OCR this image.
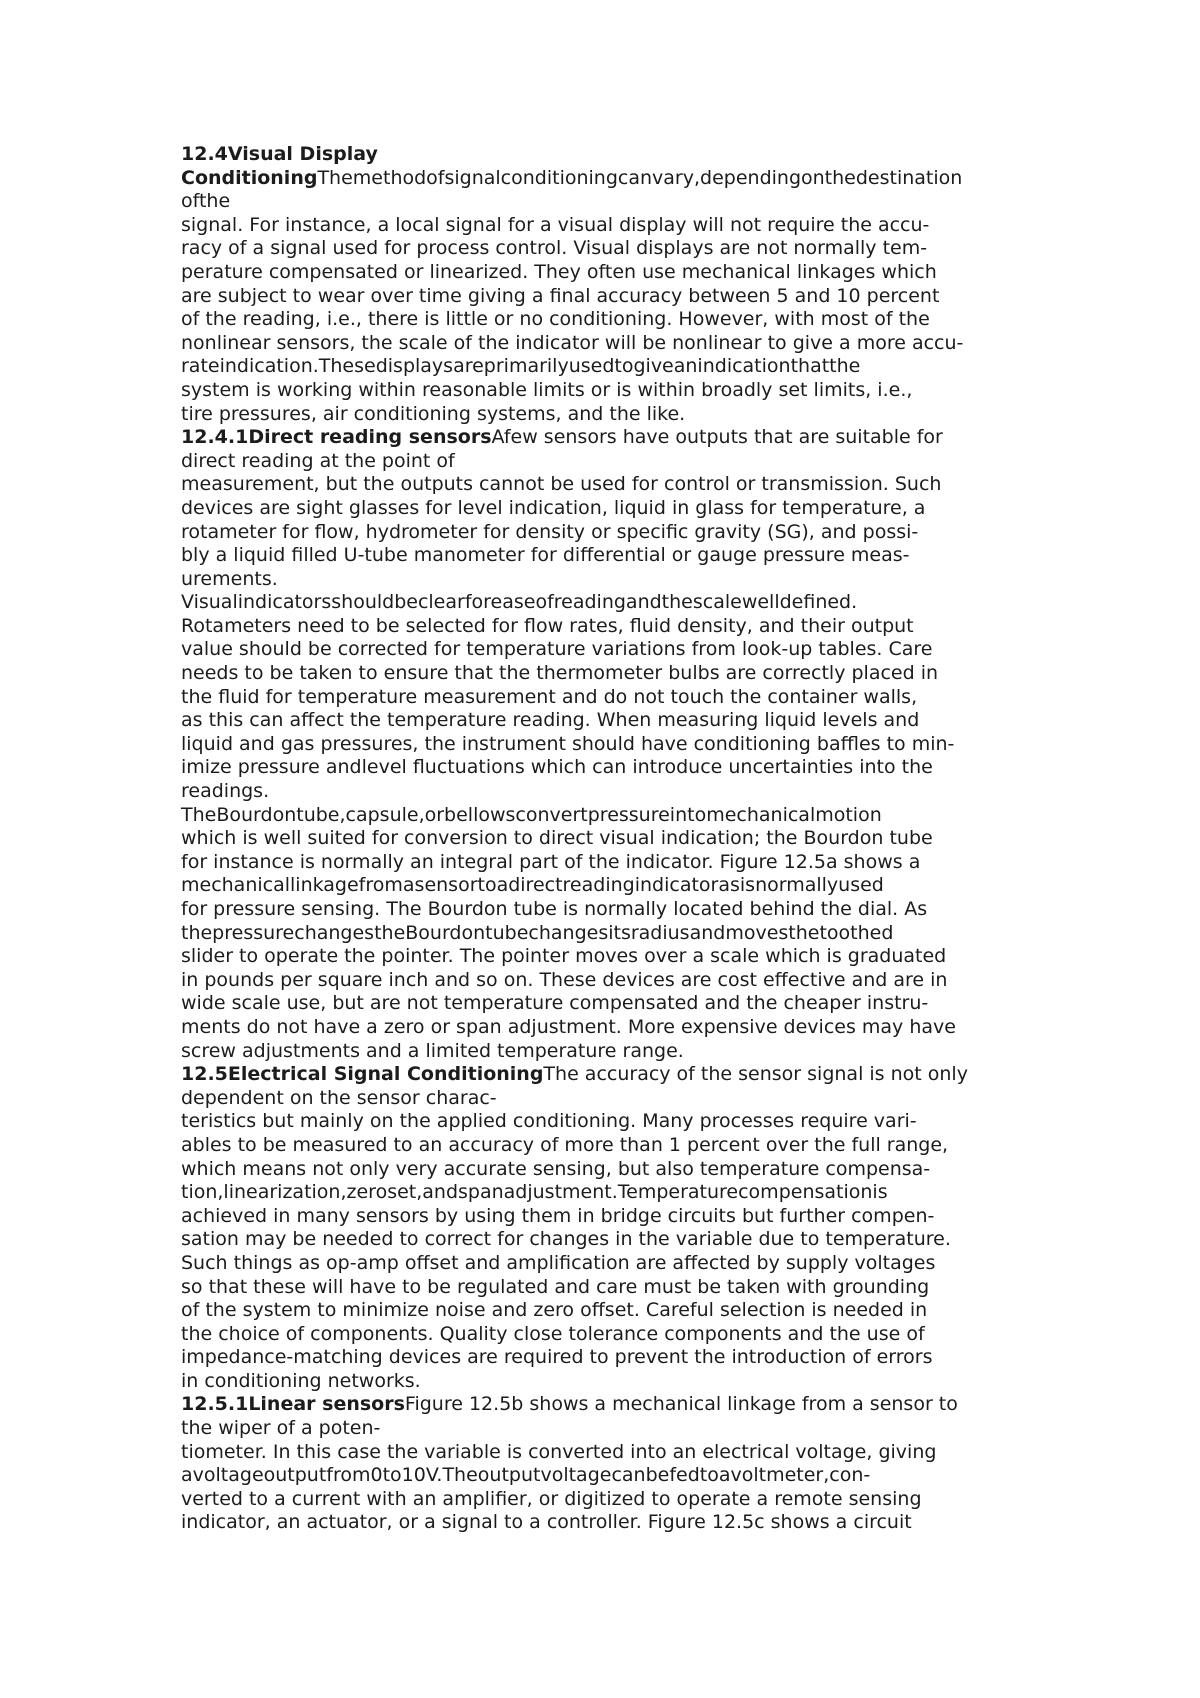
12.4Visual Display
ConditioningThemethodofsignalconditioningcanvary,dependingonthedestination
ofthe
signal. For instance, a local signal for a visual display will not require the accu-
racy of a signal used for process control. Visual displays are not normally tem-
perature compensated or linearized. They often use mechanical linkages which
are subject to wear over time giving a final accuracy between 5 and 10 percent
of the reading, i.e., there is little or no conditioning. However, with most of the
nonlinear sensors, the scale of the indicator will be nonlinear to give a more accu-
rateindication.Thesedisplaysareprimarilyusedtogiveanindicationthatthe
system is working within reasonable limits or is within broadly set limits, i.e.,
tire pressures, air conditioning systems, and the like.
12.4.1Direct reading sensorsAfew sensors have outputs that are suitable for
direct reading at the point of
measurement, but the outputs cannot be used for control or transmission. Such
devices are sight glasses for level indication, liquid in glass for temperature, a
rotameter for flow, hydrometer for density or specific gravity (SG), and possi-
bly a liquid filled U-tube manometer for differential or gauge pressure meas-
urements.
Visualindicatorsshouldbeclearforeaseofreadingandthescalewelldefined.
Rotameters need to be selected for flow rates, fluid density, and their output
value should be corrected for temperature variations from look-up tables. Care
needs to be taken to ensure that the thermometer bulbs are correctly placed in
the fluid for temperature measurement and do not touch the container walls,
as this can affect the temperature reading. When measuring liquid levels and
liquid and gas pressures, the instrument should have conditioning baffles to min-
imize pressure andlevel fluctuations which can introduce uncertainties into the
readings.
TheBourdontube,capsule,orbellowsconvertpressureintomechanicalmotion
which is well suited for conversion to direct visual indication; the Bourdon tube
for instance is normally an integral part of the indicator. Figure 12.5a shows a
mechanicallinkagefromasensortoadirectreadingindicatorasisnormallyused
for pressure sensing. The Bourdon tube is normally located behind the dial. As
thepressurechangestheBourdontubechangesitsradiusandmovesthetoothed
slider to operate the pointer. The pointer moves over a scale which is graduated
in pounds per square inch and so on. These devices are cost effective and are in
wide scale use, but are not temperature compensated and the cheaper instru-
ments do not have a zero or span adjustment. More expensive devices may have
screw adjustments and a limited temperature range.
12.5Electrical Signal ConditioningThe accuracy of the sensor signal is not only
dependent on the sensor charac-
teristics but mainly on the applied conditioning. Many processes require vari-
ables to be measured to an accuracy of more than 1 percent over the full range,
which means not only very accurate sensing, but also temperature compensa-
tion,linearization,zeroset,andspanadjustment.Temperaturecompensationis
achieved in many sensors by using them in bridge circuits but further compen-
sation may be needed to correct for changes in the variable due to temperature.
Such things as op-amp offset and amplification are affected by supply voltages
so that these will have to be regulated and care must be taken with grounding
of the system to minimize noise and zero offset. Careful selection is needed in
the choice of components. Quality close tolerance components and the use of
impedance-matching devices are required to prevent the introduction of errors
in conditioning networks.
12.5.1Linear sensorsFigure 12.5b shows a mechanical linkage from a sensor to
the wiper of a poten-
tiometer. In this case the variable is converted into an electrical voltage, giving
avoltageoutputfrom0to10V.Theoutputvoltagecanbefedtoavoltmeter,con-
verted to a current with an amplifier, or digitized to operate a remote sensing
indicator, an actuator, or a signal to a controller. Figure 12.5c shows a circuit
